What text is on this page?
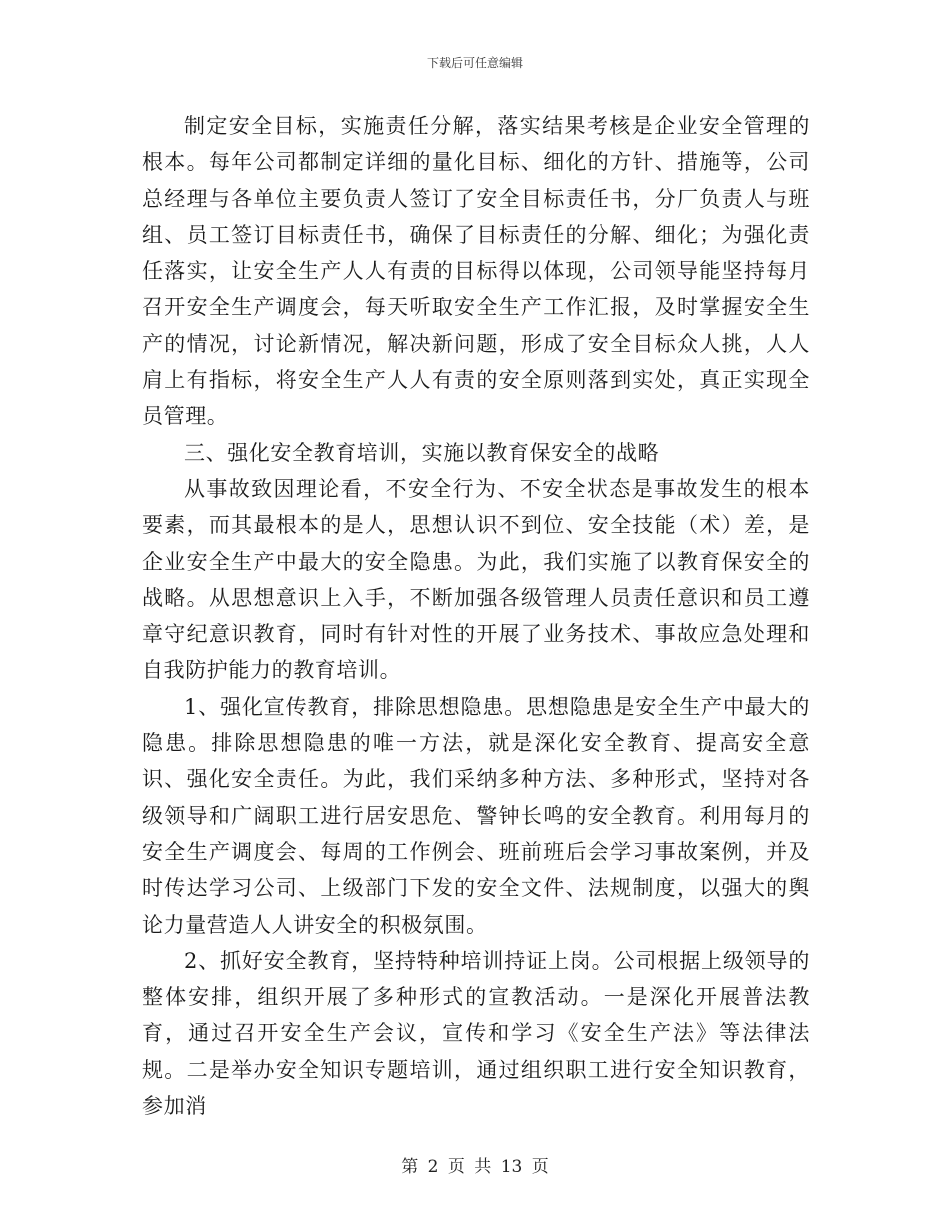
下载后可任意编辑

制定安全目标，实施责任分解，落实结果考核是企业安全管理的根本。每年公司都制定详细的量化目标、细化的方针、措施等，公司总经理与各单位主要负责人签订了安全目标责任书，分厂负责人与班组、员工签订目标责任书，确保了目标责任的分解、细化；为强化责任落实，让安全生产人人有责的目标得以体现，公司领导能坚持每月召开安全生产调度会，每天听取安全生产工作汇报，及时掌握安全生产的情况，讨论新情况，解决新问题，形成了安全目标众人挑，人人肩上有指标，将安全生产人人有责的安全原则落到实处，真正实现全员管理。

三、强化安全教育培训，实施以教育保安全的战略

从事故致因理论看，不安全行为、不安全状态是事故发生的根本要素，而其最根本的是人，思想认识不到位、安全技能（术）差，是企业安全生产中最大的安全隐患。为此，我们实施了以教育保安全的战略。从思想意识上入手，不断加强各级管理人员责任意识和员工遵章守纪意识教育，同时有针对性的开展了业务技术、事故应急处理和自我防护能力的教育培训。

1、强化宣传教育，排除思想隐患。思想隐患是安全生产中最大的隐患。排除思想隐患的唯一方法，就是深化安全教育、提高安全意识、强化安全责任。为此，我们采纳多种方法、多种形式，坚持对各级领导和广阔职工进行居安思危、警钟长鸣的安全教育。利用每月的安全生产调度会、每周的工作例会、班前班后会学习事故案例，并及时传达学习公司、上级部门下发的安全文件、法规制度，以强大的舆论力量营造人人讲安全的积极氛围。

2、抓好安全教育，坚持特种培训持证上岗。公司根据上级领导的整体安排，组织开展了多种形式的宣教活动。一是深化开展普法教育，通过召开安全生产会议，宣传和学习《安全生产法》等法律法规。二是举办安全知识专题培训，通过组织职工进行安全知识教育，参加消

第 2 页 共 13 页
